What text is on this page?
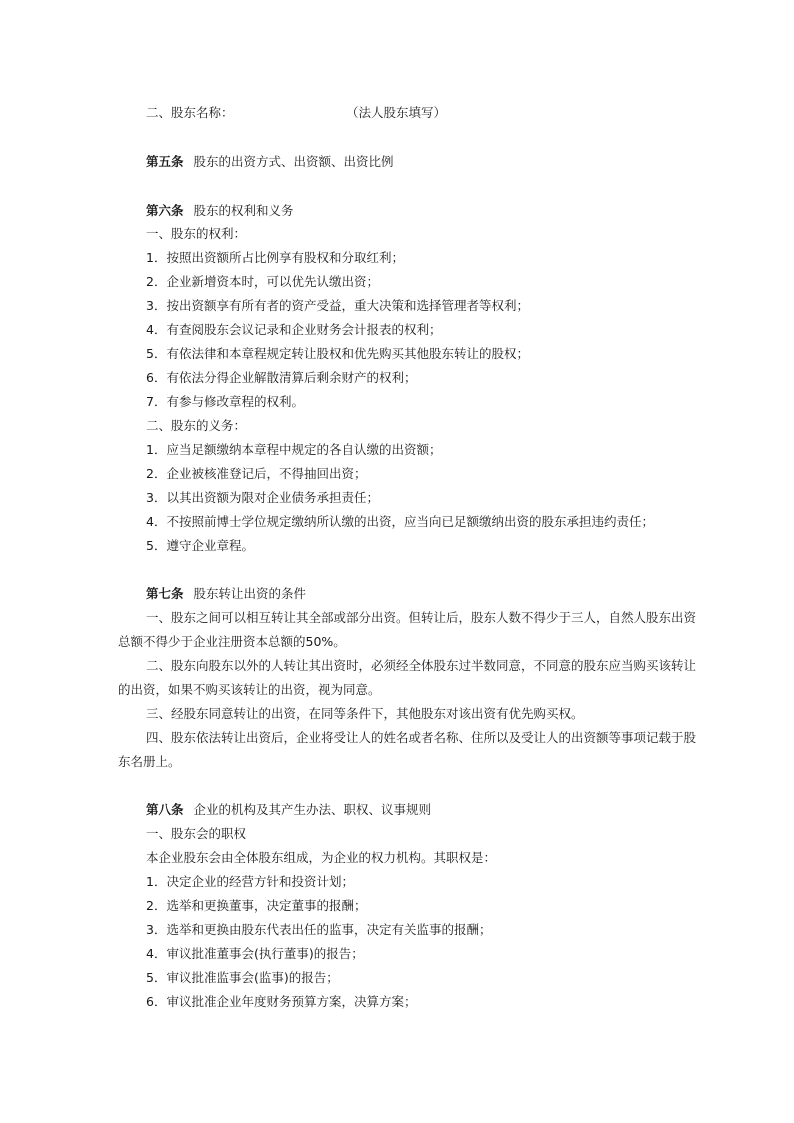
二、股东名称：	（法人股东填写）
第五条 股东的出资方式、出资额、出资比例
第六条 股东的权利和义务
一、股东的权利：
1．按照出资额所占比例享有股权和分取红利；
2．企业新增资本时，可以优先认缴出资；
3．按出资额享有所有者的资产受益，重大决策和选择管理者等权利；
4．有查阅股东会议记录和企业财务会计报表的权利；
5．有依法律和本章程规定转让股权和优先购买其他股东转让的股权；
6．有依法分得企业解散清算后剩余财产的权利；
7．有参与修改章程的权利。
二、股东的义务：
1．应当足额缴纳本章程中规定的各自认缴的出资额；
2．企业被核准登记后，不得抽回出资；
3．以其出资额为限对企业债务承担责任；
4．不按照前博士学位规定缴纳所认缴的出资，应当向已足额缴纳出资的股东承担违约责任；
5．遵守企业章程。
第七条 股东转让出资的条件
一、股东之间可以相互转让其全部或部分出资。但转让后，股东人数不得少于三人，自然人股东出资
总额不得少于企业注册资本总额的50%。
二、股东向股东以外的人转让其出资时，必须经全体股东过半数同意，不同意的股东应当购买该转让
的出资，如果不购买该转让的出资，视为同意。
三、经股东同意转让的出资，在同等条件下，其他股东对该出资有优先购买权。
四、股东依法转让出资后，企业将受让人的姓名或者名称、住所以及受让人的出资额等事项记载于股
东名册上。
第八条 企业的机构及其产生办法、职权、议事规则
一、股东会的职权
本企业股东会由全体股东组成，为企业的权力机构。其职权是：
1．决定企业的经营方针和投资计划；
2．选举和更换董事，决定董事的报酬；
3．选举和更换由股东代表出任的监事，决定有关监事的报酬；
4．审议批准董事会(执行董事)的报告；
5．审议批准监事会(监事)的报告；
6．审议批准企业年度财务预算方案，决算方案；
